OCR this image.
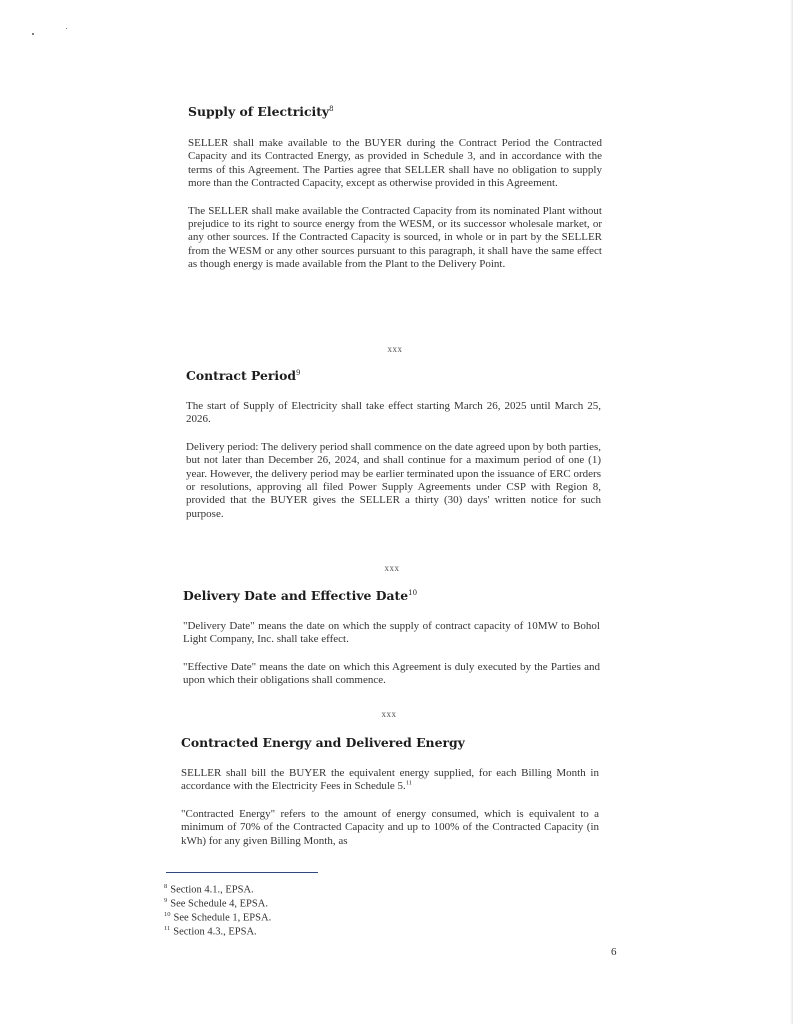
Supply of Electricity$^8$

SELLER shall make available to the BUYER during the Contract Period the Contracted Capacity and its Contracted Energy, as provided in Schedule 3, and in accordance with the terms of this Agreement. The Parties agree that SELLER shall have no obligation to supply more than the Contracted Capacity, except as otherwise provided in this Agreement.

The SELLER shall make available the Contracted Capacity from its nominated Plant without prejudice to its right to source energy from the WESM, or its successor wholesale market, or any other sources. If the Contracted Capacity is sourced, in whole or in part by the SELLER from the WESM or any other sources pursuant to this paragraph, it shall have the same effect as though energy is made available from the Plant to the Delivery Point.

xxx
Contract Period$^9$

The start of Supply of Electricity shall take effect starting March 26, 2025 until March 25, 2026.

Delivery period: The delivery period shall commence on the date agreed upon by both parties, but not later than December 26, 2024, and shall continue for a maximum period of one (1) year. However, the delivery period may be earlier terminated upon the issuance of ERC orders or resolutions, approving all filed Power Supply Agreements under CSP with Region 8, provided that the BUYER gives the SELLER a thirty (30) days' written notice for such purpose.

xxx
Delivery Date and Effective Date$^{10}$

"Delivery Date" means the date on which the supply of contract capacity of 10MW to Bohol Light Company, Inc. shall take effect.

"Effective Date" means the date on which this Agreement is duly executed by the Parties and upon which their obligations shall commence.

xxx
Contracted Energy and Delivered Energy

SELLER shall bill the BUYER the equivalent energy supplied, for each Billing Month in accordance with the Electricity Fees in Schedule 5.11

"Contracted Energy" refers to the amount of energy consumed, which is equivalent to a minimum of 70% of the Contracted Capacity and up to 100% of the Contracted Capacity (in kWh) for any given Billing Month, as

$^8$ Section 4.1., EPSA.
$^9$ See Schedule 4, EPSA.
$^{10}$ See Schedule 1, EPSA.
$^{11}$ Section 4.3., EPSA.
6
